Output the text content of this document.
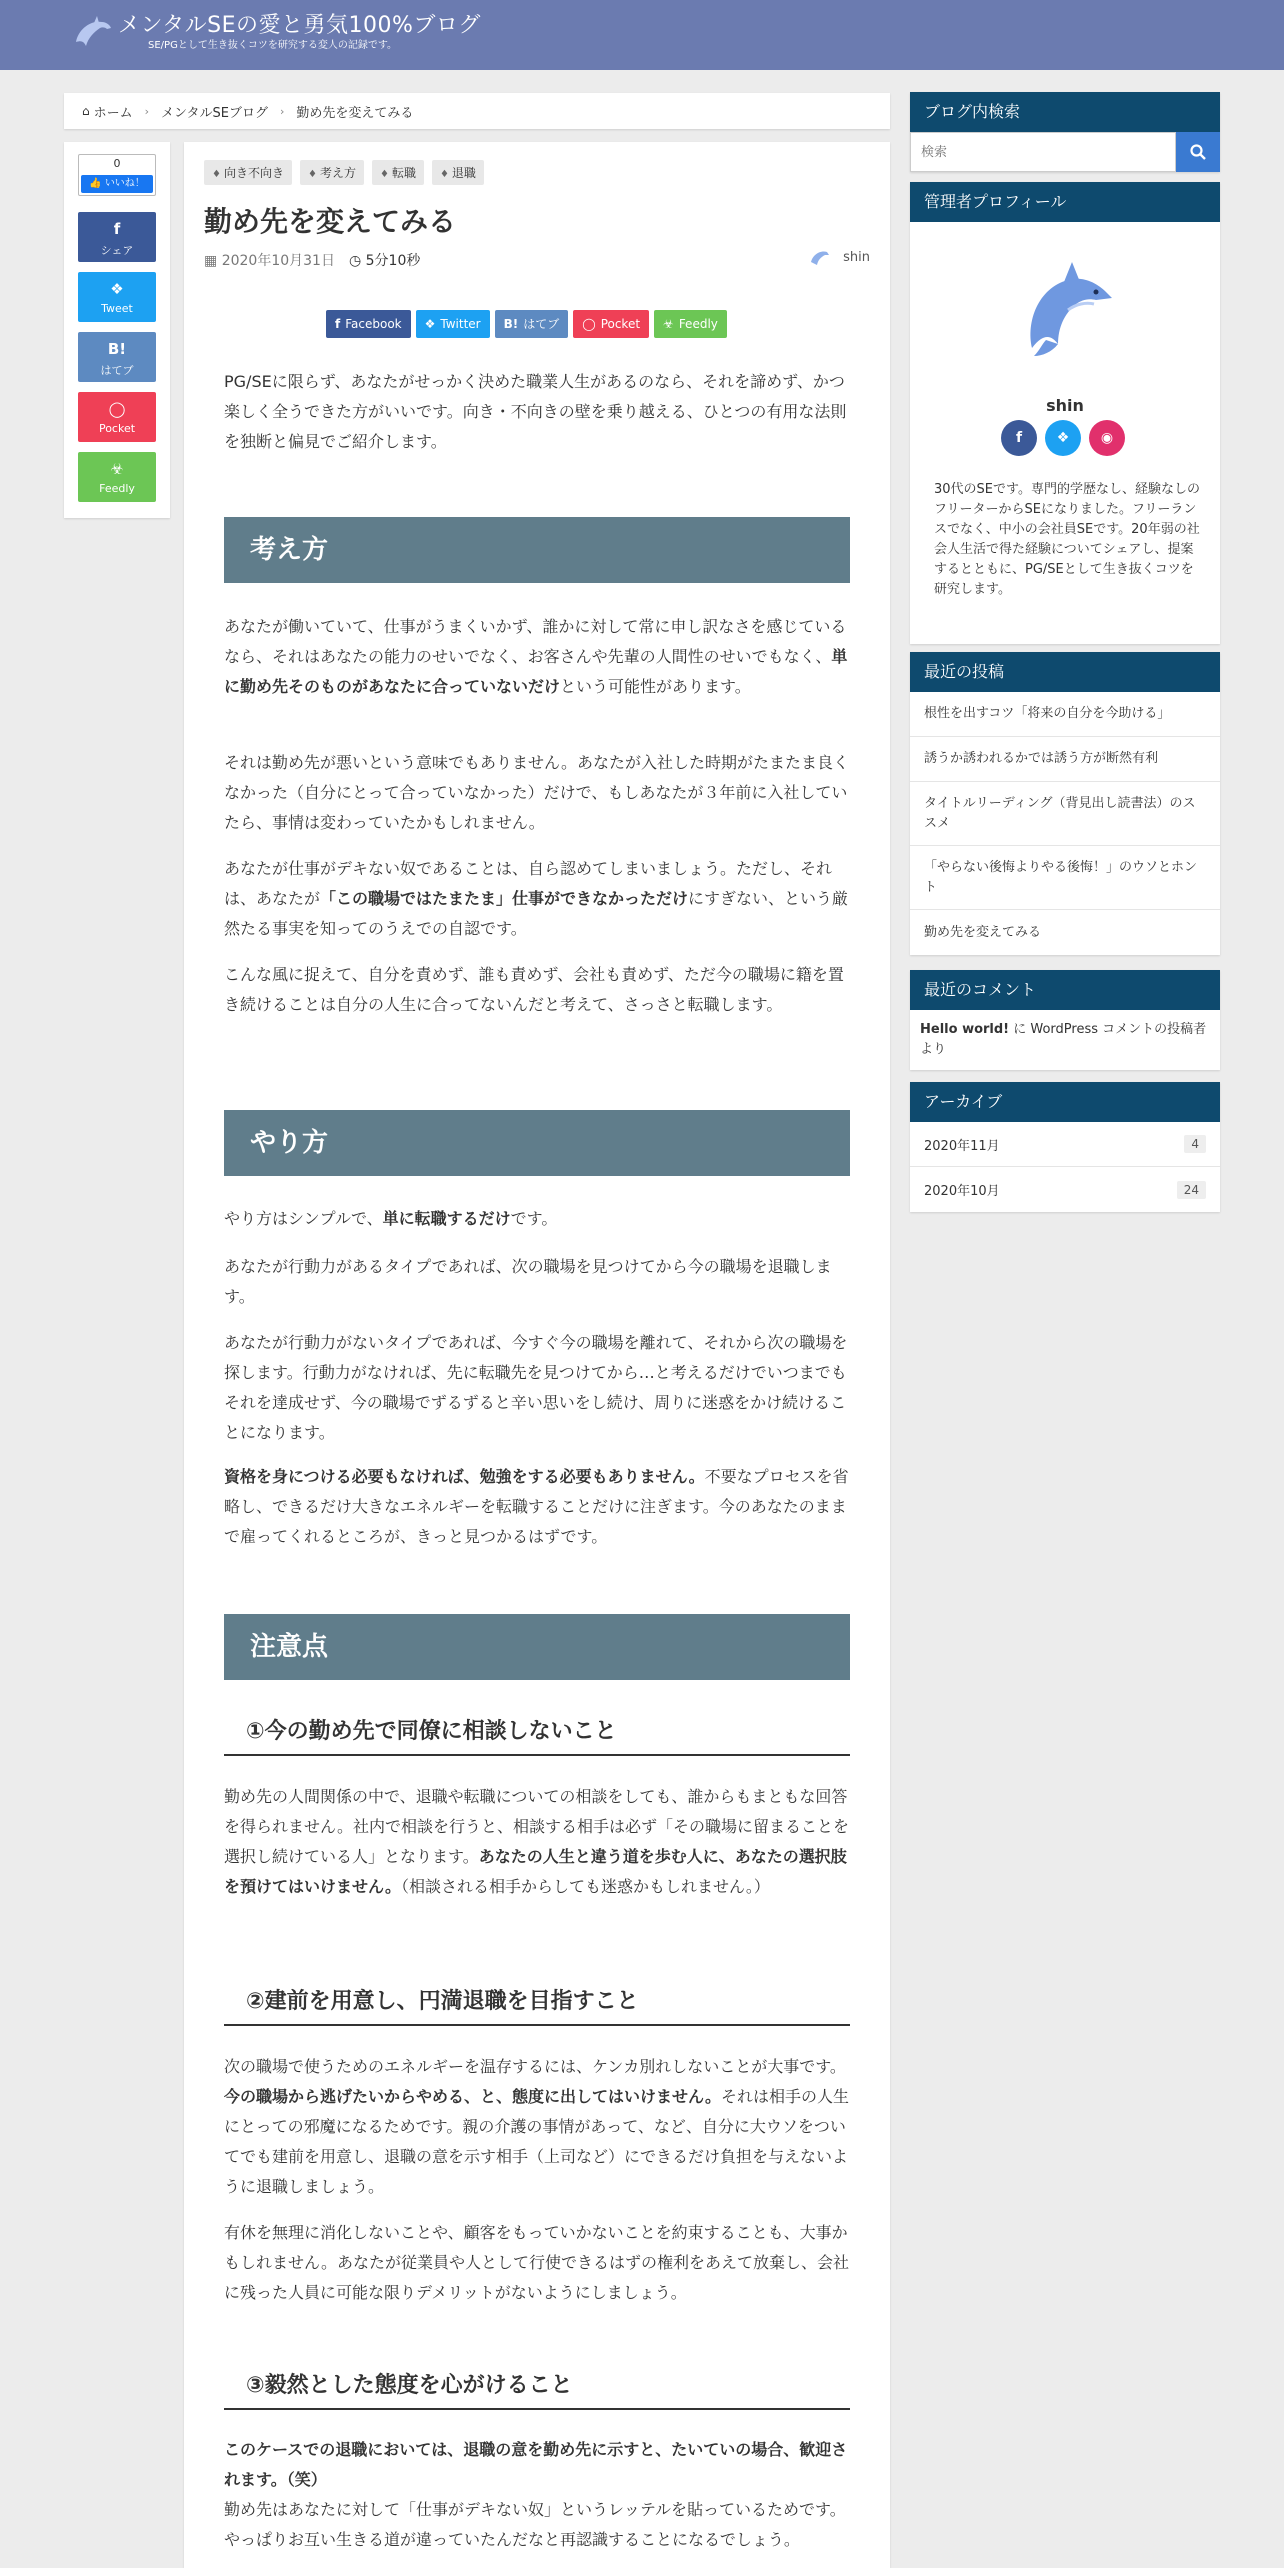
メンタルSEの愛と勇気100%ブログ
SE/PGとして生き抜くコツを研究する変人の記録です。
⌂ ホーム › メンタルSEブログ › 勤め先を変えてみる
0
👍 いいね！
f
シェア
❖
Tweet
B!
はてブ
◯
Pocket
☣
Feedly
♦ 向き不向き	♦ 考え方	♦ 転職	♦ 退職
勤め先を変えてみる
▦ 2020年10月31日 ◷ 5分10秒	shin
f Facebook	❖ Twitter	B! はてブ	◯ Pocket	☣ Feedly

PG/SEに限らず、あなたがせっかく決めた職業人生があるのなら、それを諦めず、かつ楽しく全うできた方がいいです。向き・不向きの壁を乗り越える、ひとつの有用な法則を独断と偏見でご紹介します。

考え方

あなたが働いていて、仕事がうまくいかず、誰かに対して常に申し訳なさを感じているなら、それはあなたの能力のせいでなく、お客さんや先輩の人間性のせいでもなく、単に勤め先そのものがあなたに合っていないだけという可能性があります。

それは勤め先が悪いという意味でもありません。あなたが入社した時期がたまたま良くなかった（自分にとって合っていなかった）だけで、もしあなたが３年前に入社していたら、事情は変わっていたかもしれません。

あなたが仕事がデキない奴であることは、自ら認めてしまいましょう。ただし、それは、あなたが「この職場ではたまたま」仕事ができなかっただけにすぎない、という厳然たる事実を知ってのうえでの自認です。

こんな風に捉えて、自分を責めず、誰も責めず、会社も責めず、ただ今の職場に籍を置き続けることは自分の人生に合ってないんだと考えて、さっさと転職します。

やり方

やり方はシンプルで、単に転職するだけです。

あなたが行動力があるタイプであれば、次の職場を見つけてから今の職場を退職します。

あなたが行動力がないタイプであれば、今すぐ今の職場を離れて、それから次の職場を探します。行動力がなければ、先に転職先を見つけてから…と考えるだけでいつまでもそれを達成せず、今の職場でずるずると辛い思いをし続け、周りに迷惑をかけ続けることになります。

資格を身につける必要もなければ、勉強をする必要もありません。不要なプロセスを省略し、できるだけ大きなエネルギーを転職することだけに注ぎます。今のあなたのままで雇ってくれるところが、きっと見つかるはずです。

注意点
①今の勤め先で同僚に相談しないこと

勤め先の人間関係の中で、退職や転職についての相談をしても、誰からもまともな回答を得られません。社内で相談を行うと、相談する相手は必ず「その職場に留まることを選択し続けている人」となります。あなたの人生と違う道を歩む人に、あなたの選択肢を預けてはいけません。（相談される相手からしても迷惑かもしれません。）

②建前を用意し、円満退職を目指すこと

次の職場で使うためのエネルギーを温存するには、ケンカ別れしないことが大事です。今の職場から逃げたいからやめる、と、態度に出してはいけません。それは相手の人生にとっての邪魔になるためです。親の介護の事情があって、など、自分に大ウソをついてでも建前を用意し、退職の意を示す相手（上司など）にできるだけ負担を与えないように退職しましょう。

有休を無理に消化しないことや、顧客をもっていかないことを約束することも、大事かもしれません。あなたが従業員や人として行使できるはずの権利をあえて放棄し、会社に残った人員に可能な限りデメリットがないようにしましょう。

③毅然とした態度を心がけること

このケースでの退職においては、退職の意を勤め先に示すと、たいていの場合、歓迎されます。（笑）
勤め先はあなたに対して「仕事がデキない奴」というレッテルを貼っているためです。やっぱりお互い生きる道が違っていたんだなと再認識することになるでしょう。

ブログ内検索
検索
管理者プロフィール
shin
f	❖	◉
30代のSEです。専門的学歴なし、経験なしのフリーターからSEになりました。フリーランスでなく、中小の会社員SEです。20年弱の社会人生活で得た経験についてシェアし、提案するとともに、PG/SEとして生き抜くコツを研究します。
最近の投稿
根性を出すコツ「将来の自分を今助ける」
誘うか誘われるかでは誘う方が断然有利
タイトルリーディング（背見出し読書法）のススメ
「やらない後悔よりやる後悔！」のウソとホント
勤め先を変えてみる
最近のコメント
Hello world! に WordPress コメントの投稿者 より
アーカイブ
2020年11月	4
2020年10月	24
